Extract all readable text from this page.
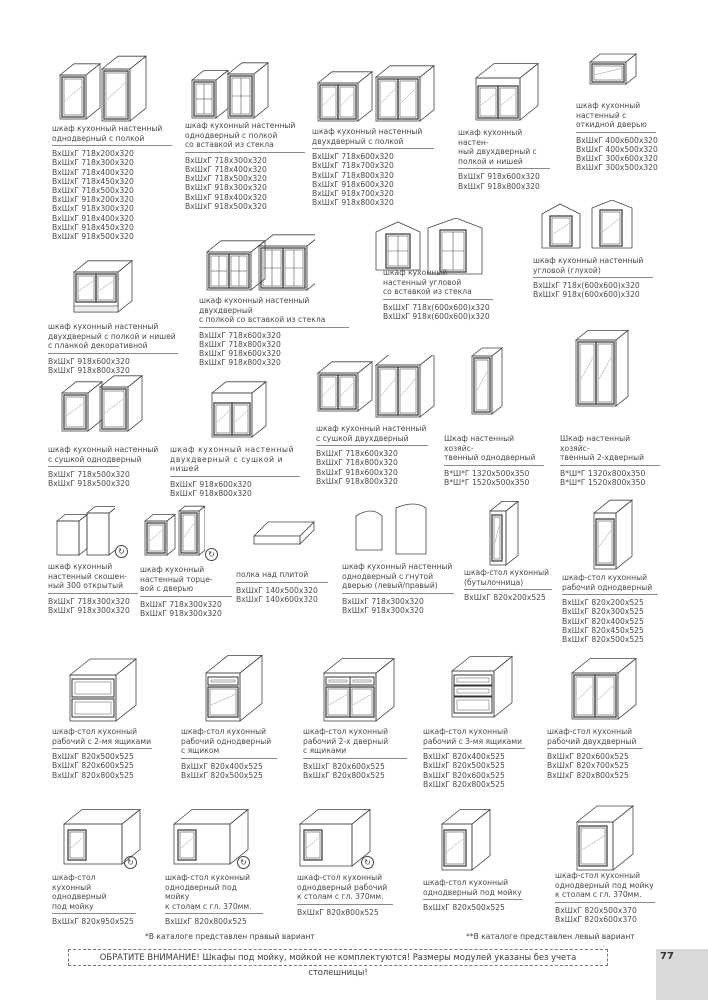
шкаф кухонный настенный
однодверный с полкой
ВхШхГ 718х200х320
ВхШхГ 718х300х320
ВхШхГ 718х400х320
ВхШхГ 718х450х320
ВхШхГ 718х500х320
ВхШхГ 918х200х320
ВхШхГ 918х300х320
ВхШхГ 918х400х320
ВхШхГ 918х450х320
ВхШхГ 918х500х320
шкаф кухонный настенный
однодверный с полкой
со вставкой из стекла
ВхШхГ 718х300х320
ВхШхГ 718х400х320
ВхШхГ 718х500х320
ВхШхГ 918х300х320
ВхШхГ 918х400х320
ВхШхГ 918х500х320
шкаф кухонный настенный
двухдверный с полкой
ВхШхГ 718х600х320
ВхШхГ 718х700х320
ВхШхГ 718х800х320
ВхШхГ 918х600х320
ВхШхГ 918х700х320
ВхШхГ 918х800х320
шкаф кухонный настен-
ный двухдверный с
полкой и нишей
ВхШхГ 918х600х320
ВхШхГ 918х800х320
шкаф кухонный
настенный с
откидной дверью
ВхШхГ 400х600х320
ВхШхГ 400х500х320
ВхШхГ 300х600х320
ВхШхГ 300х500х320
шкаф кухонный настенный
двухдверный с полкой и нишей
с планкой декоративной
ВхШхГ 918х600х320
ВхШхГ 918х800х320
шкаф кухонный настенный двухдверный
с полкой со вставкой из стекла
ВхШхГ 718х600х320
ВхШхГ 718х800х320
ВхШхГ 918х600х320
ВхШхГ 918х800х320
шкаф кухонный
настенный угловой
со вставкой из стекла
ВхШхГ 718х(600х600)х320
ВхШхГ 918х(600х600)х320
шкаф кухонный настенный
угловой (глухой)
ВхШхГ 718х(600х600)х320
ВхШхГ 918х(600х600)х320
шкаф кухонный настенный
с сушкой однодверный
ВхШхГ 718х500х320
ВхШхГ 918х500х320
шкаф кухонный настенный
двухдверный с сушкой и нишей
ВхШхГ 918х600х320
ВхШхГ 918х800х320
шкаф кухонный настенный
с сушкой двухдверный
ВхШхГ 718х600х320
ВхШхГ 718х800х320
ВхШхГ 918х600х320
ВхШхГ 918х800х320
Шкаф настенный хозяйс-
твенный однодверный
В*Ш*Г 1320х500х350
В*Ш*Г 1520х500х350
Шкаф настенный хозяйс-
твенный 2-хдверный
В*Ш*Г 1320х800х350
В*Ш*Г 1520х800х350
↻
шкаф кухонный
настенный скошен-
ный 300 открытый
ВхШхГ 718х300х320
ВхШхГ 918х300х320
↻
шкаф кухонный
настенный торце-
вой с дверью
ВхШхГ 718х300х320
ВхШхГ 918х300х320
полка над плитой
ВхШхГ 140х500х320
ВхШхГ 140х600х320
шкаф кухонный настенный
однодверный с гнутой
дверью (левый/правый)
ВхШхГ 718х300х320
ВхШхГ 918х300х320
шкаф-стол кухонный
(бутылочница)
ВхШхГ 820х200х525
шкаф-стол кухонный
рабочий однодверный
ВхШхГ 820х200х525
ВхШхГ 820х300х525
ВхШхГ 820х400х525
ВхШхГ 820х450х525
ВхШхГ 820х500х525
шкаф-стол кухонный
рабочий с 2-мя ящиками
ВхШхГ 820х500х525
ВхШхГ 820х600х525
ВхШхГ 820х800х525
шкаф-стол кухонный
рабочий однодверный
с ящиком
ВхШхГ 820х400х525
ВхШхГ 820х500х525
шкаф-стол кухонный
рабочий 2-х дверный
с ящиками
ВхШхГ 820х600х525
ВхШхГ 820х800х525
шкаф-стол кухонный
рабочий с 3-мя ящиками
ВхШхГ 820х400х525
ВхШхГ 820х500х525
ВхШхГ 820х600х525
ВхШхГ 820х800х525
шкаф-стол кухонный
рабочий двухдверный
ВхШхГ 820х600х525
ВхШхГ 820х700х525
ВхШхГ 820х800х525
↻
шкаф-стол кухонный
однодверный
под мойку
ВхШхГ 820х950х525
↻
шкаф-стол кухонный
однодверный под мойку
к столам с гл. 370мм.
ВхШхГ 820х800х525
↻
шкаф-стол кухонный
однодверный рабочий
к столам с гл. 370мм.
ВхШхГ 820х800х525
шкаф-стол кухонный
однодверный под мойку
ВхШхГ 820х500х525
шкаф-стол кухонный
однодверный под мойку
к столам с гл. 370мм.
ВхШхГ 820х500х370
ВхШхГ 820х600х370
*В каталоге представлен правый вариант	**В каталоге представлен левый вариант
ОБРАТИТЕ ВНИМАНИЕ! Шкафы под мойку, мойкой не комплектуются! Размеры модулей указаны без учета столешницы!
77
